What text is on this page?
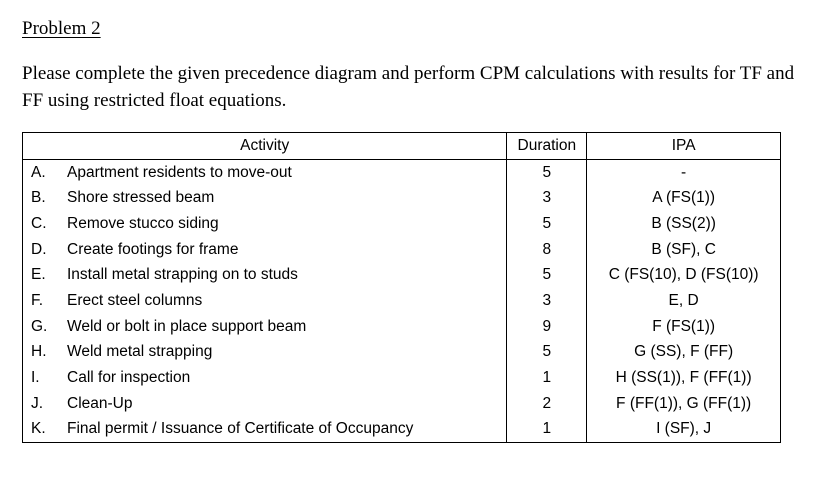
Problem 2
Please complete the given precedence diagram and perform CPM calculations with results for TF and FF using restricted float equations.
Activity	Duration	IPA
A. Apartment residents to move-out	5	-
B. Shore stressed beam	3	A (FS(1))
C. Remove stucco siding	5	B (SS(2))
D. Create footings for frame	8	B (SF), C
E. Install metal strapping on to studs	5	C (FS(10), D (FS(10))
F. Erect steel columns	3	E, D
G. Weld or bolt in place support beam	9	F (FS(1))
H. Weld metal strapping	5	G (SS), F (FF)
I. Call for inspection	1	H (SS(1)), F (FF(1))
J. Clean-Up	2	F (FF(1)), G (FF(1))
K. Final permit / Issuance of Certificate of Occupancy	1	I (SF), J
